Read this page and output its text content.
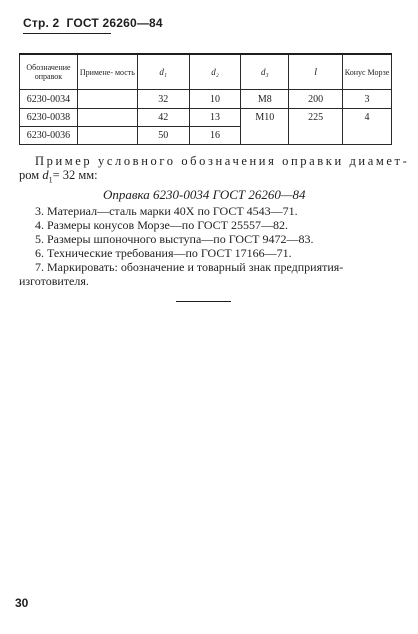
Стр. 2  ГОСТ 26260—84
Обозначение оправок	Примене- мость	d₁	d₂	d₃	l	Конус Морзе
6230-0034		32	10	М8	200	3
6230-0038		42	13	М10	225	4
6230-0036		50	16			
Пример условного обозначения оправки диамет-
ром $d_1= 32$ мм:
Оправка 6230-0034 ГОСТ 26260—84
3. Материал—сталь марки 40Х по ГОСТ 4543—71.
4. Размеры конусов Морзе—по ГОСТ 25557—82.
5. Размеры шпоночного выступа—по ГОСТ 9472—83.
6. Технические требования—по ГОСТ 17166—71.
7. Маркировать: обозначение и товарный знак предприятия-
изготовителя.
30
